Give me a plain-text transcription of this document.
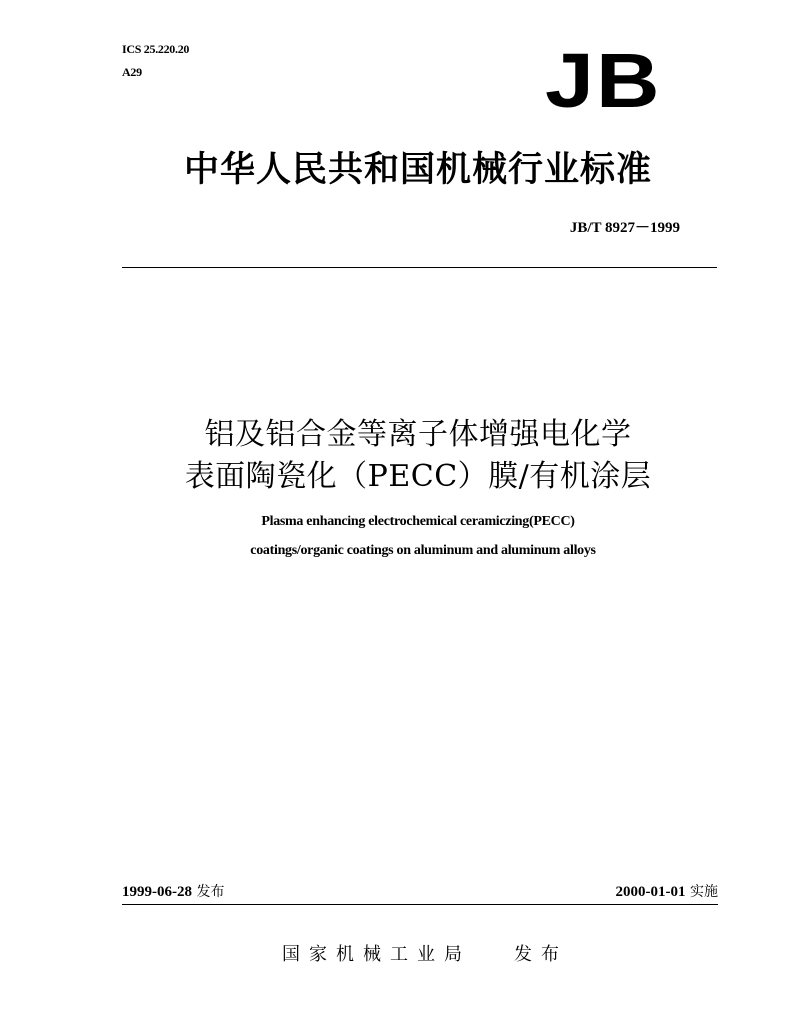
ICS 25.220.20
A29	JB
中华人民共和国机械行业标准
JB/T 8927－1999
铝及铝合金等离子体增强电化学
表面陶瓷化（PECC）膜/有机涂层
Plasma enhancing electrochemical ceramiczing(PECC)
coatings/organic coatings on aluminum and aluminum alloys
1999-06-28 发布	2000-01-01 实施
国家机械工业局 发布
